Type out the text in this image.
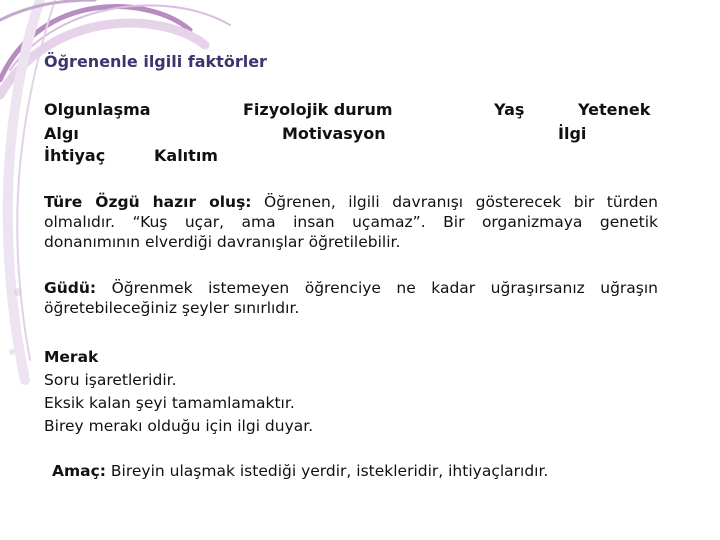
Öğrenenle ilgili faktörler
Olgunlaşma	Fizyolojik durum	Yaş	Yetenek
Algı	Motivasyon	İlgi
İhtiyaç	Kalıtım
Türe Özgü hazır oluş: Öğrenen, ilgili davranışı gösterecek bir türden olmalıdır. “Kuş uçar, ama insan uçamaz”. Bir organizmaya genetik donanımının elverdiği davranışlar öğretilebilir.
Güdü: Öğrenmek istemeyen öğrenciye ne kadar uğraşırsanız uğraşın öğretebileceğiniz şeyler sınırlıdır.
Merak
Soru işaretleridir.
Eksik kalan şeyi tamamlamaktır.
Birey merakı olduğu için ilgi duyar.
Amaç: Bireyin ulaşmak istediği yerdir, istekleridir, ihtiyaçlarıdır.
